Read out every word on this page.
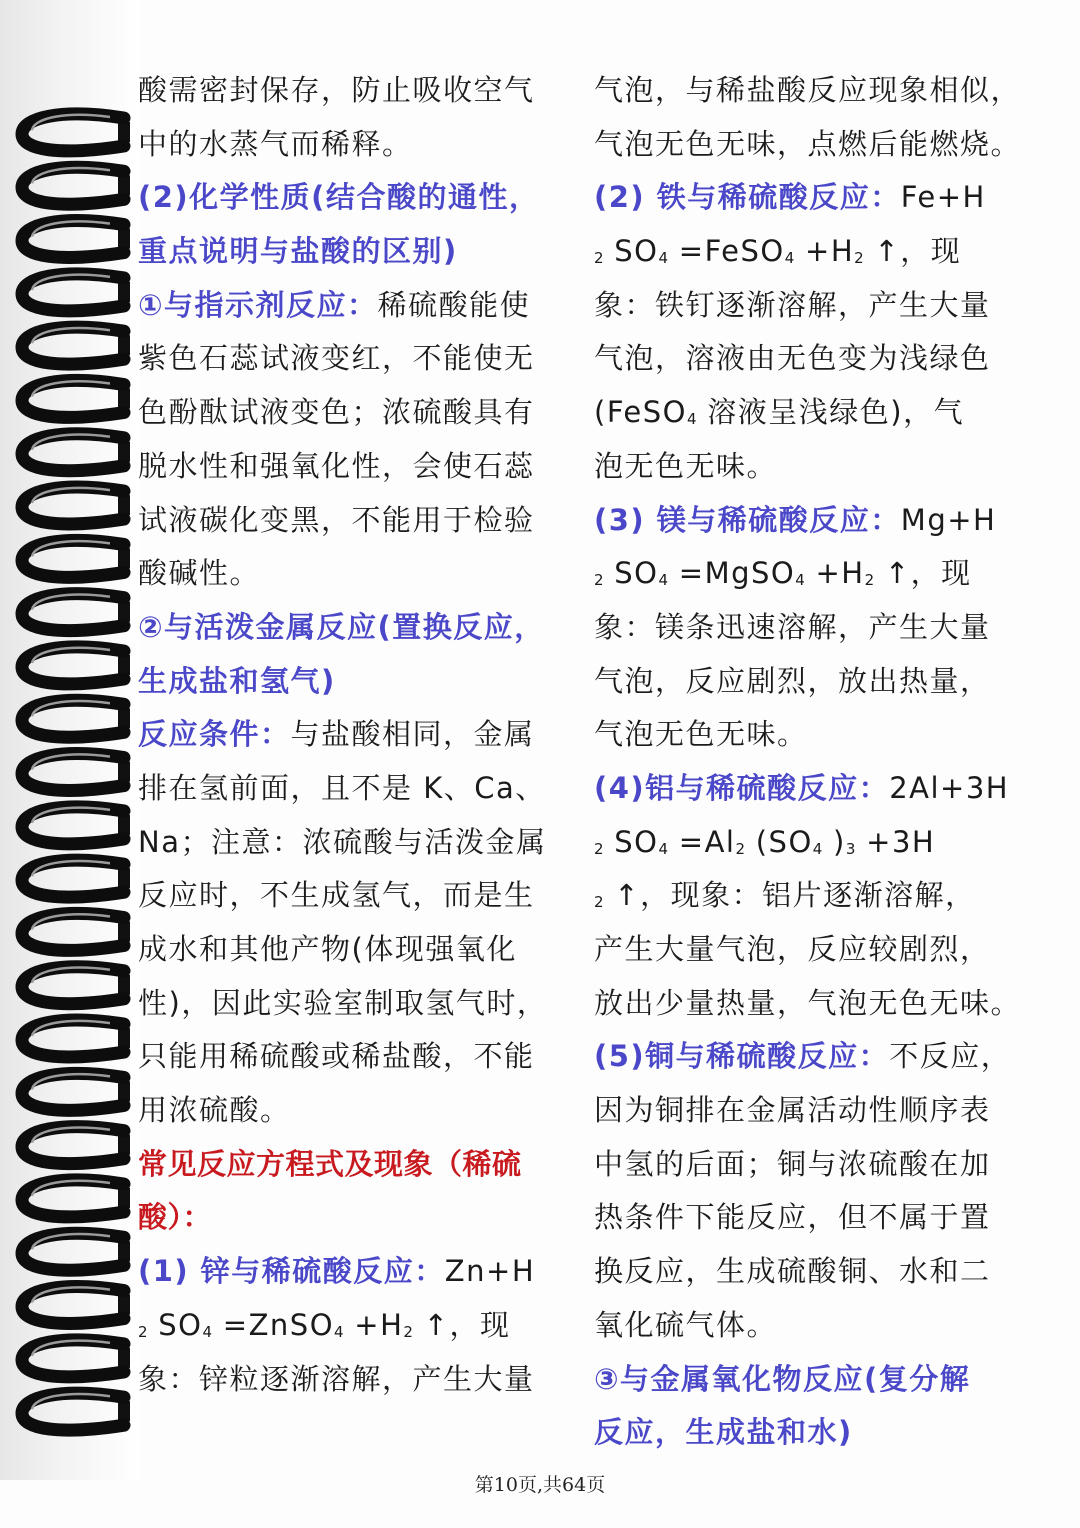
酸需密封保存，防止吸收空气
中的水蒸气而稀释。
(2)化学性质(结合酸的通性，
重点说明与盐酸的区别)
①与指示剂反应：稀硫酸能使
紫色石蕊试液变红，不能使无
色酚酞试液变色；浓硫酸具有
脱水性和强氧化性，会使石蕊
试液碳化变黑，不能用于检验
酸碱性。
②与活泼金属反应(置换反应，
生成盐和氢气)
反应条件：与盐酸相同，金属
排在氢前面，且不是 K、Ca、
Na；注意：浓硫酸与活泼金属
反应时，不生成氢气，而是生
成水和其他产物(体现强氧化
性)，因此实验室制取氢气时，
只能用稀硫酸或稀盐酸，不能
用浓硫酸。
常见反应方程式及现象（稀硫
酸）：
(1) 锌与稀硫酸反应：Zn+H
2 SO4 =ZnSO4 +H2 ↑，现
象：锌粒逐渐溶解，产生大量
气泡，与稀盐酸反应现象相似，
气泡无色无味，点燃后能燃烧。
(2) 铁与稀硫酸反应：Fe+H
2 SO4 =FeSO4 +H2 ↑，现
象：铁钉逐渐溶解，产生大量
气泡，溶液由无色变为浅绿色
(FeSO4 溶液呈浅绿色)，气
泡无色无味。
(3) 镁与稀硫酸反应：Mg+H
2 SO4 =MgSO4 +H2 ↑，现
象：镁条迅速溶解，产生大量
气泡，反应剧烈，放出热量，
气泡无色无味。
(4)铝与稀硫酸反应：2Al+3H
2 SO4 =Al2 (SO4 )3 +3H
2 ↑，现象：铝片逐渐溶解，
产生大量气泡，反应较剧烈，
放出少量热量，气泡无色无味。
(5)铜与稀硫酸反应：不反应，
因为铜排在金属活动性顺序表
中氢的后面；铜与浓硫酸在加
热条件下能反应，但不属于置
换反应，生成硫酸铜、水和二
氧化硫气体。
③与金属氧化物反应(复分解
反应，生成盐和水)
第10页,共64页
